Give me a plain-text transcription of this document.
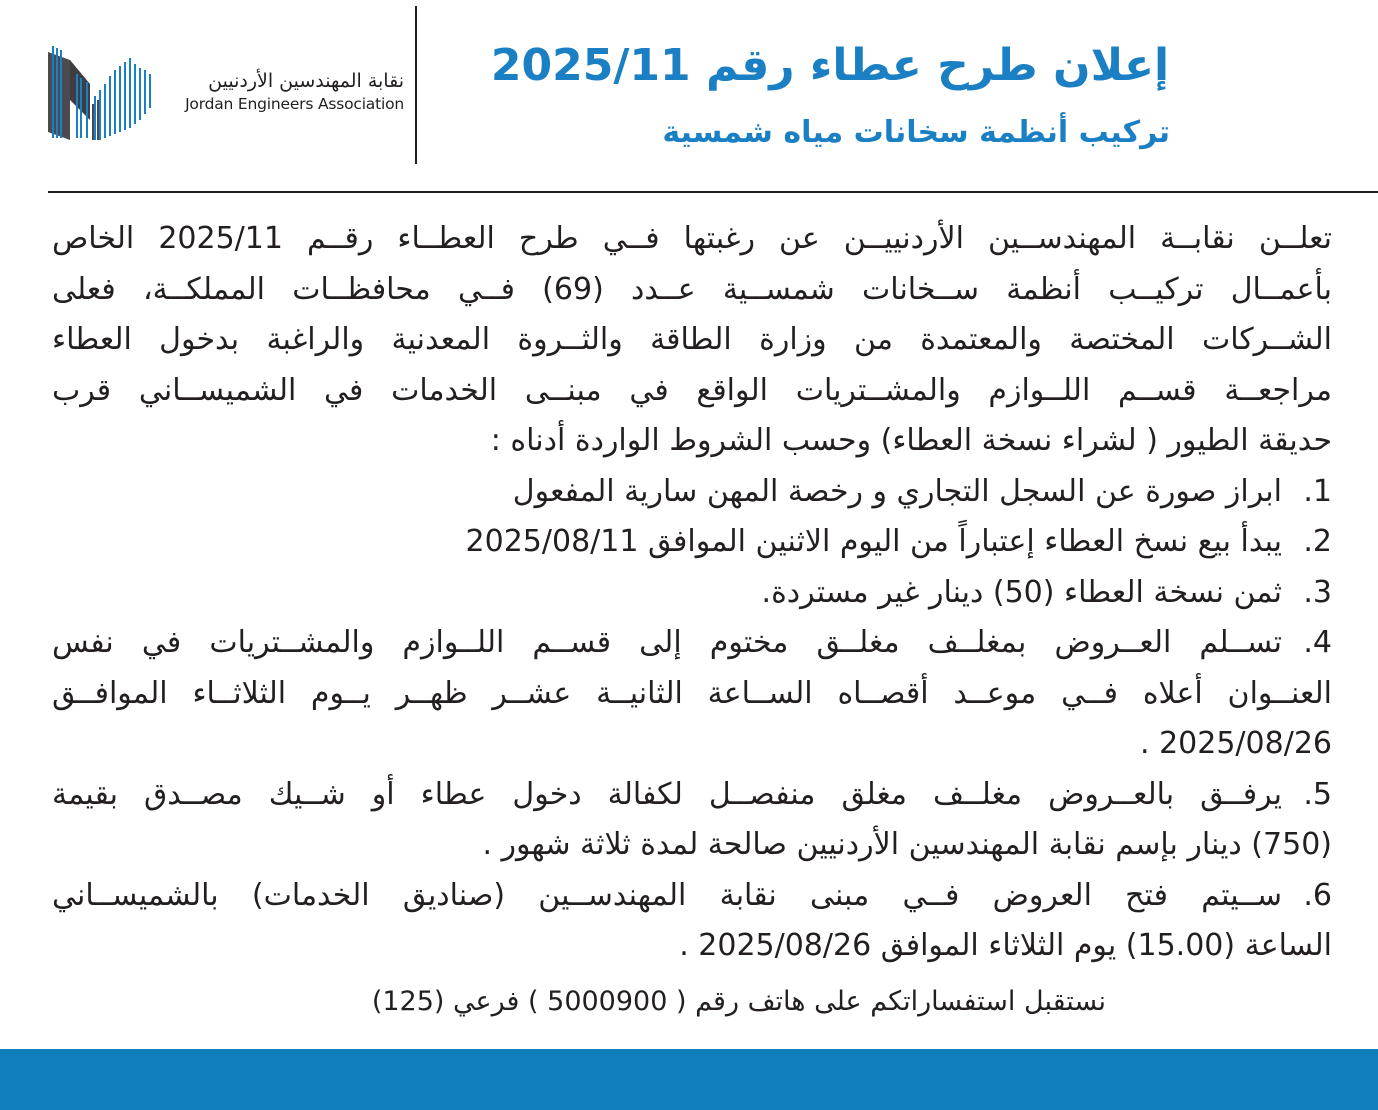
نقابة المهندسين الأردنيين
Jordan Engineers Association
إعلان طرح عطاء رقم 2025/11
تركيب أنظمة سخانات مياه شمسية
تعلــن نقابــة المهندســين الأردنييــن عن رغبتها فــي طرح العطــاء رقــم 2025/11 الخاص
بأعمــال تركيــب أنظمة ســخانات شمســية عــدد (69) فــي محافظــات المملكــة، فعلى
الشــركات المختصة والمعتمدة من وزارة الطاقة والثــروة المعدنية والراغبة بدخول العطاء
مراجعــة قســم اللــوازم والمشــتريات الواقع في مبنــى الخدمات في الشميســاني قرب
حديقة الطيور ( لشراء نسخة العطاء) وحسب الشروط الواردة أدناه :
1.ابراز صورة عن السجل التجاري و رخصة المهن سارية المفعول
2.يبدأ بيع نسخ العطاء إعتباراً من اليوم الاثنين الموافق 2025/08/11
3.ثمن نسخة العطاء (50) دينار غير مستردة.
4.تســلم العــروض بمغلــف مغلــق مختوم إلى قســم اللــوازم والمشــتريات في نفس
العنــوان أعلاه فــي موعــد أقصــاه الســاعة الثانيــة عشــر ظهــر يــوم الثلاثــاء الموافــق
2025/08/26 .
5.يرفــق بالعــروض مغلــف مغلق منفصــل لكفالة دخول عطاء أو شــيك مصــدق بقيمة
(750) دينار بإسم نقابة المهندسين الأردنيين صالحة لمدة ثلاثة شهور .
6.ســيتم فتح العروض فــي مبنى نقابة المهندســين (صناديق الخدمات) بالشميســاني
الساعة (15.00) يوم الثلاثاء الموافق 2025/08/26 .
نستقبل استفساراتكم على هاتف رقم ( 5000900 ) فرعي (125)
